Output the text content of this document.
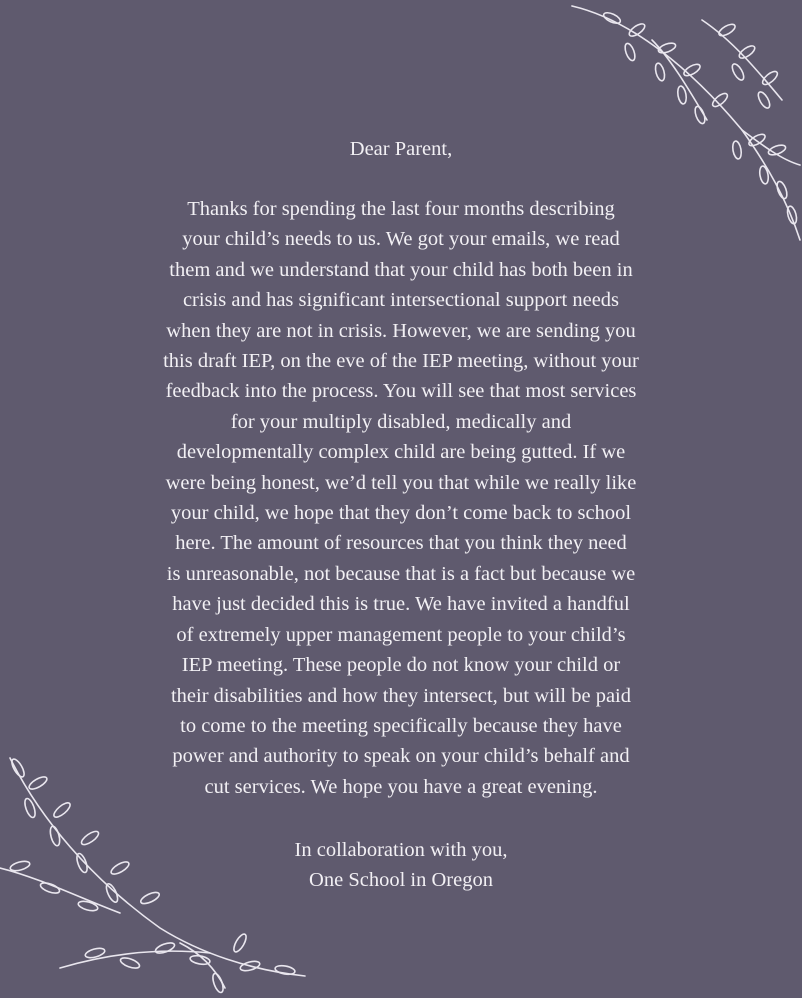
Dear Parent,
Thanks for spending the last four months describing
your child’s needs to us. We got your emails, we read
them and we understand that your child has both been in
crisis and has significant intersectional support needs
when they are not in crisis. However, we are sending you
this draft IEP, on the eve of the IEP meeting, without your
feedback into the process. You will see that most services
for your multiply disabled, medically and
developmentally complex child are being gutted. If we
were being honest, we’d tell you that while we really like
your child, we hope that they don’t come back to school
here. The amount of resources that you think they need
is unreasonable, not because that is a fact but because we
have just decided this is true. We have invited a handful
of extremely upper management people to your child’s
IEP meeting. These people do not know your child or
their disabilities and how they intersect, but will be paid
to come to the meeting specifically because they have
power and authority to speak on your child’s behalf and
cut services. We hope you have a great evening.
In collaboration with you,
One School in Oregon
